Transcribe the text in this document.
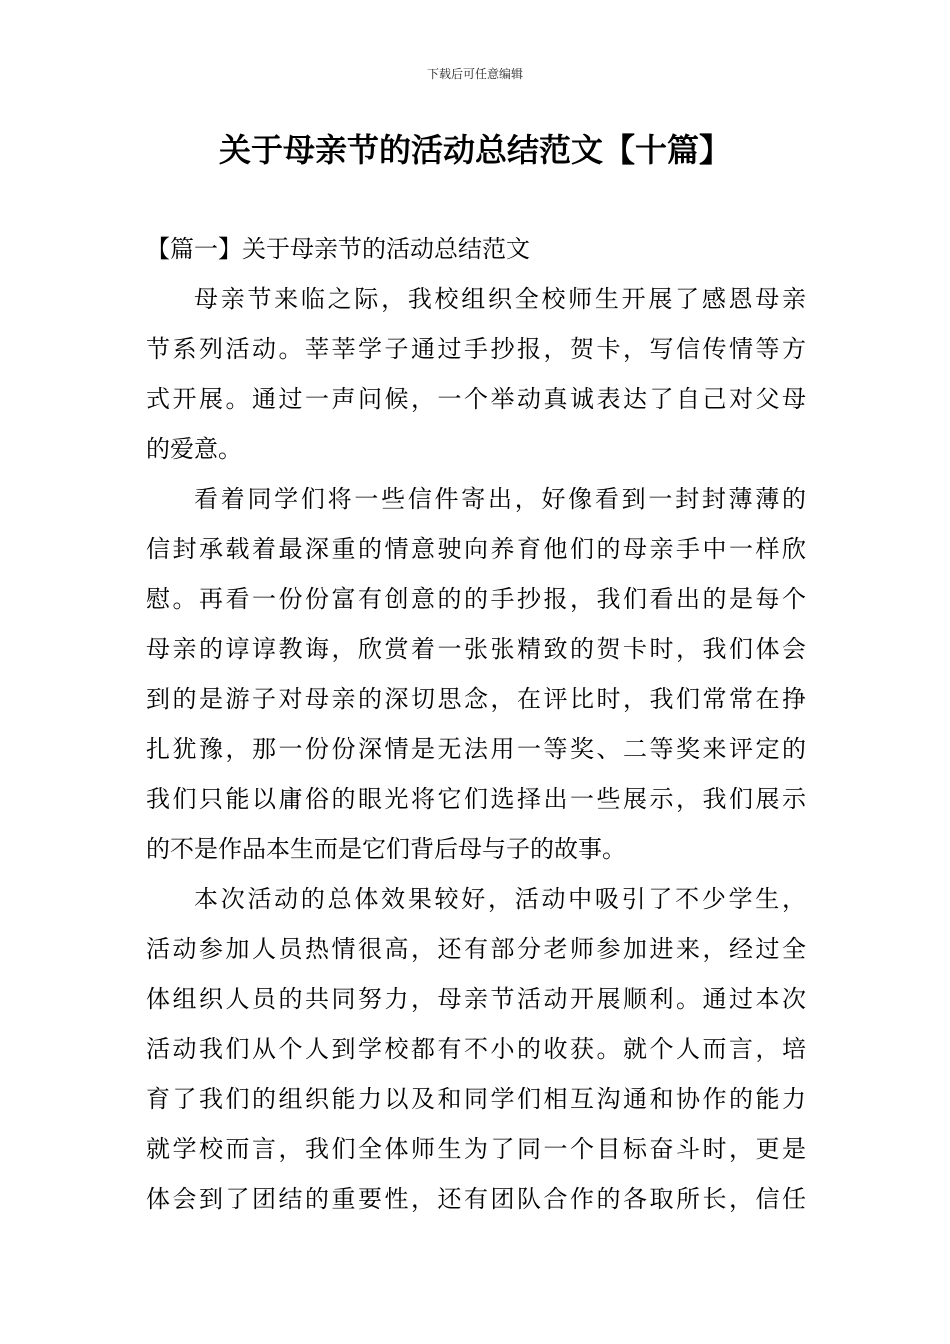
下载后可任意编辑
关于母亲节的活动总结范文【十篇】
【篇一】关于母亲节的活动总结范文
母亲节来临之际，我校组织全校师生开展了感恩母亲
节系列活动。莘莘学子通过手抄报，贺卡，写信传情等方
式开展。通过一声问候，一个举动真诚表达了自己对父母
的爱意。
看着同学们将一些信件寄出，好像看到一封封薄薄的
信封承载着最深重的情意驶向养育他们的母亲手中一样欣
慰。再看一份份富有创意的的手抄报，我们看出的是每个
母亲的谆谆教诲，欣赏着一张张精致的贺卡时，我们体会
到的是游子对母亲的深切思念，在评比时，我们常常在挣
扎犹豫，那一份份深情是无法用一等奖、二等奖来评定的
我们只能以庸俗的眼光将它们选择出一些展示，我们展示
的不是作品本生而是它们背后母与子的故事。
本次活动的总体效果较好，活动中吸引了不少学生，
活动参加人员热情很高，还有部分老师参加进来，经过全
体组织人员的共同努力，母亲节活动开展顺利。通过本次
活动我们从个人到学校都有不小的收获。就个人而言，培
育了我们的组织能力以及和同学们相互沟通和协作的能力
就学校而言，我们全体师生为了同一个目标奋斗时，更是
体会到了团结的重要性，还有团队合作的各取所长，信任
